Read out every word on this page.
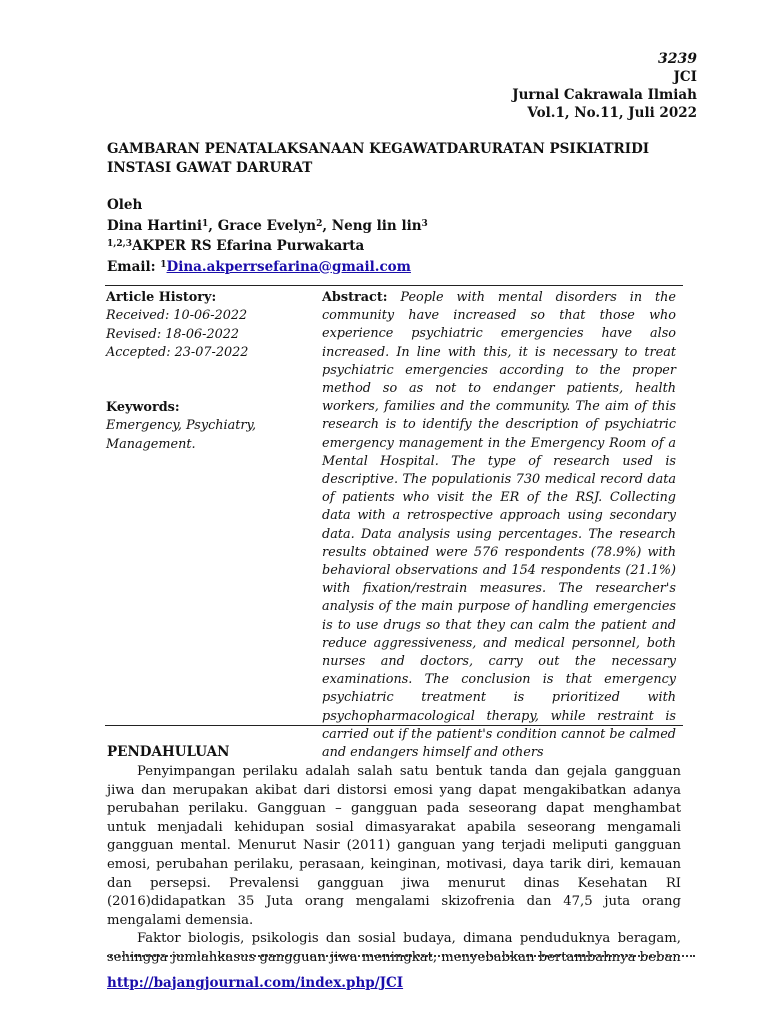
3239
JCI
Jurnal Cakrawala Ilmiah
Vol.1, No.11, Juli 2022
GAMBARAN PENATALAKSANAAN KEGAWATDARURATAN PSIKIATRIDI INSTASI GAWAT DARURAT
Oleh
Dina Hartini$^1$, Grace Evelyn$^2$, Neng lin lin$^3$
$^{1,2,3}$AKPER RS Efarina Purwakarta
Email: $^1$Dina.akperrsefarina@gmail.com
Article History:
Received: 10-06-2022
Revised: 18-06-2022
Accepted: 23-07-2022
Keywords:
Emergency, Psychiatry,
Management.
Abstract: People with mental disorders in the community have increased so that those who experience psychiatric emergencies have also increased. In line with this, it is necessary to treat psychiatric emergencies according to the proper method so as not to endanger patients, health workers, families and the community. The aim of this research is to identify the description of psychiatric emergency management in the Emergency Room of a Mental Hospital. The type of research used is descriptive. The populationis 730 medical record data of patients who visit the ER of the RSJ. Collecting data with a retrospective approach using secondary data. Data analysis using percentages. The research results obtained were 576 respondents (78.9%) with behavioral observations and 154 respondents (21.1%) with fixation/restrain measures. The researcher's analysis of the main purpose of handling emergencies is to use drugs so that they can calm the patient and reduce aggressiveness, and medical personnel, both nurses and doctors, carry out the necessary examinations. The conclusion is that emergency psychiatric treatment is prioritized with psychopharmacological therapy, while restraint is carried out if the patient's condition cannot be calmed and endangers himself and others
PENDAHULUAN

Penyimpangan perilaku adalah salah satu bentuk tanda dan gejala gangguan jiwa dan merupakan akibat dari distorsi emosi yang dapat mengakibatkan adanya perubahan perilaku. Gangguan – gangguan pada seseorang dapat menghambat untuk menjadali kehidupan sosial dimasyarakat apabila seseorang mengamali gangguan mental. Menurut Nasir (2011) ganguan yang terjadi meliputi gangguan emosi, perubahan perilaku, perasaan, keinginan, motivasi, daya tarik diri, kemauan dan persepsi. Prevalensi gangguan jiwa menurut dinas Kesehatan RI (2016)didapatkan 35 Juta orang mengalami skizofrenia dan 47,5 juta orang mengalami demensia.

Faktor biologis, psikologis dan sosial budaya, dimana penduduknya beragam, sehingga jumlahkasus gangguan jiwa meningkat, menyebabkan bertambahnya beban

http://bajangjournal.com/index.php/JCI
